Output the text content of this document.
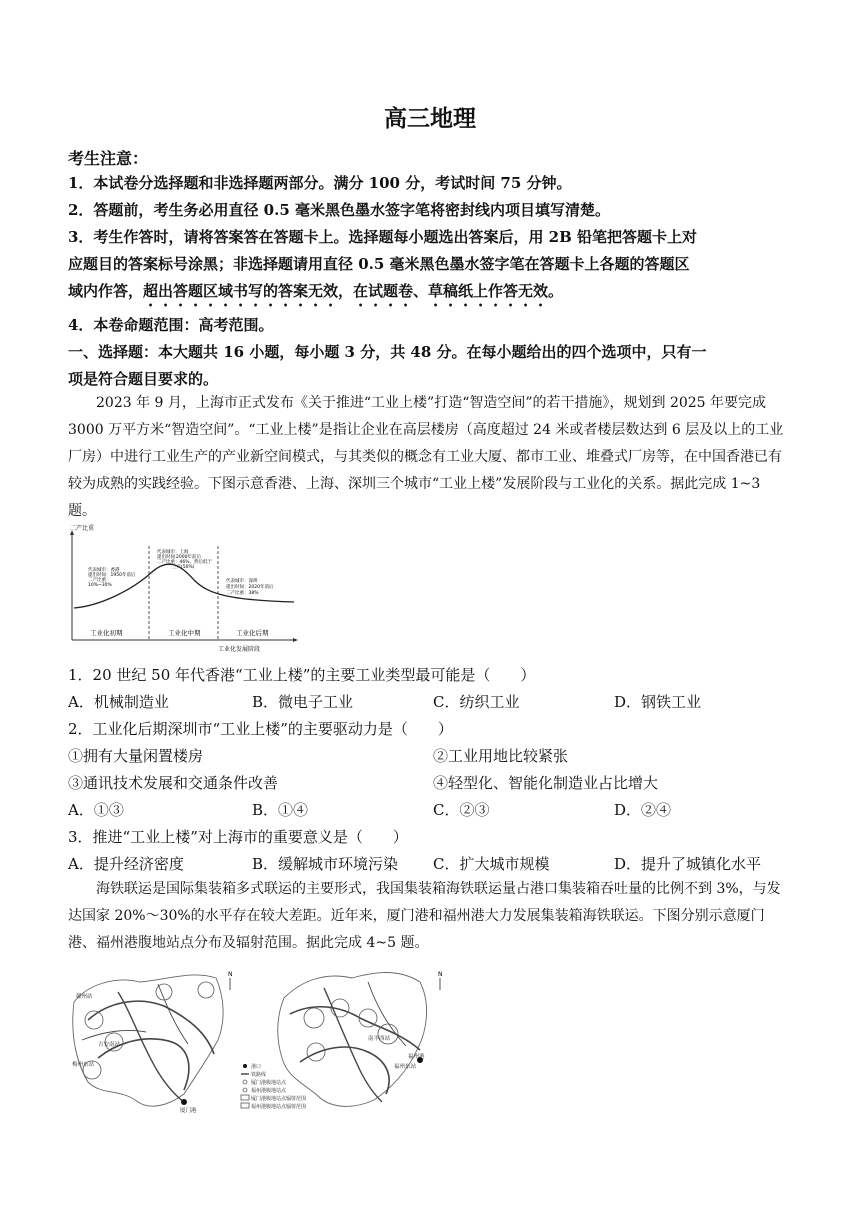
高三地理
考生注意：
1．本试卷分选择题和非选择题两部分。满分 100 分，考试时间 75 分钟。
2．答题前，考生务必用直径 0.5 毫米黑色墨水签字笔将密封线内项目填写清楚。
3．考生作答时，请将答案答在答题卡上。选择题每小题选出答案后，用 2B 铅笔把答题卡上对
应题目的答案标号涂黑；非选择题请用直径 0.5 毫米黑色墨水签字笔在答题卡上各题的答题区
域内作答，超出答题区域书写的答案无效，在试题卷、草稿纸上作答无效。
4．本卷命题范围：高考范围。
一、选择题：本大题共 16 小题，每小题 3 分，共 48 分。在每小题给出的四个选项中，只有一
项是符合题目要求的。
2023 年 9 月，上海市正式发布《关于推进“工业上楼”打造“智造空间”的若干措施》，规划到 2025 年要完成 3000 万平方米“智造空间”。“工业上楼”是指让企业在高层楼房（高度超过 24 米或者楼层数达到 6 层及以上的工业厂房）中进行工业生产的产业新空间模式，与其类似的概念有工业大厦、都市工业、堆叠式厂房等，在中国香港已有较为成熟的实践经验。下图示意香港、上海、深圳三个城市“工业上楼”发展阶段与工业化的关系。据此完成 1~3 题。
二产比重
工业化发展阶段
工业化初期	工业化中期	工业化后期
代表城市：香港
提出时间：1950年前后
二产比重：
10%~30%
代表城市：上海
提出时间：
2000年前后
二产比重：46%，然后低于
三产(50%)
代表城市：深圳
提出时间：2020年前后
二产比重：38%
1．20 世纪 50 年代香港“工业上楼”的主要工业类型最可能是（　　）
A．机械制造业	B．微电子工业	C．纺织工业	D．钢铁工业
2．工业化后期深圳市“工业上楼”的主要驱动力是（　　）
①拥有大量闲置楼房	②工业用地比较紧张
③通讯技术发展和交通条件改善	④轻型化、智能化制造业占比增大
A．①③	B．①④	C．②③	D．②④
3．推进“工业上楼”对上海市的重要意义是（　　）
A．提升经济密度	B．缓解城市环境污染 C．扩大城市规模	D．提升了城镇化水平
海铁联运是国际集装箱多式联运的主要形式，我国集装箱海铁联运量占港口集装箱吞吐量的比例不到 3%，与发达国家 20%～30%的水平存在较大差距。近年来，厦门港和福州港大力发展集装箱海铁联运。下图分别示意厦门港、福州港腹地站点分布及辐射范围。据此完成 4~5 题。
赣州站
吉安南站
梅州东站
厦门港
N
南平西站
福州东站
福州港
N
港口
铁路线
厦门港腹地站点
福州港腹地站点
厦门港腹地站点辐射范围
福州港腹地站点辐射范围
